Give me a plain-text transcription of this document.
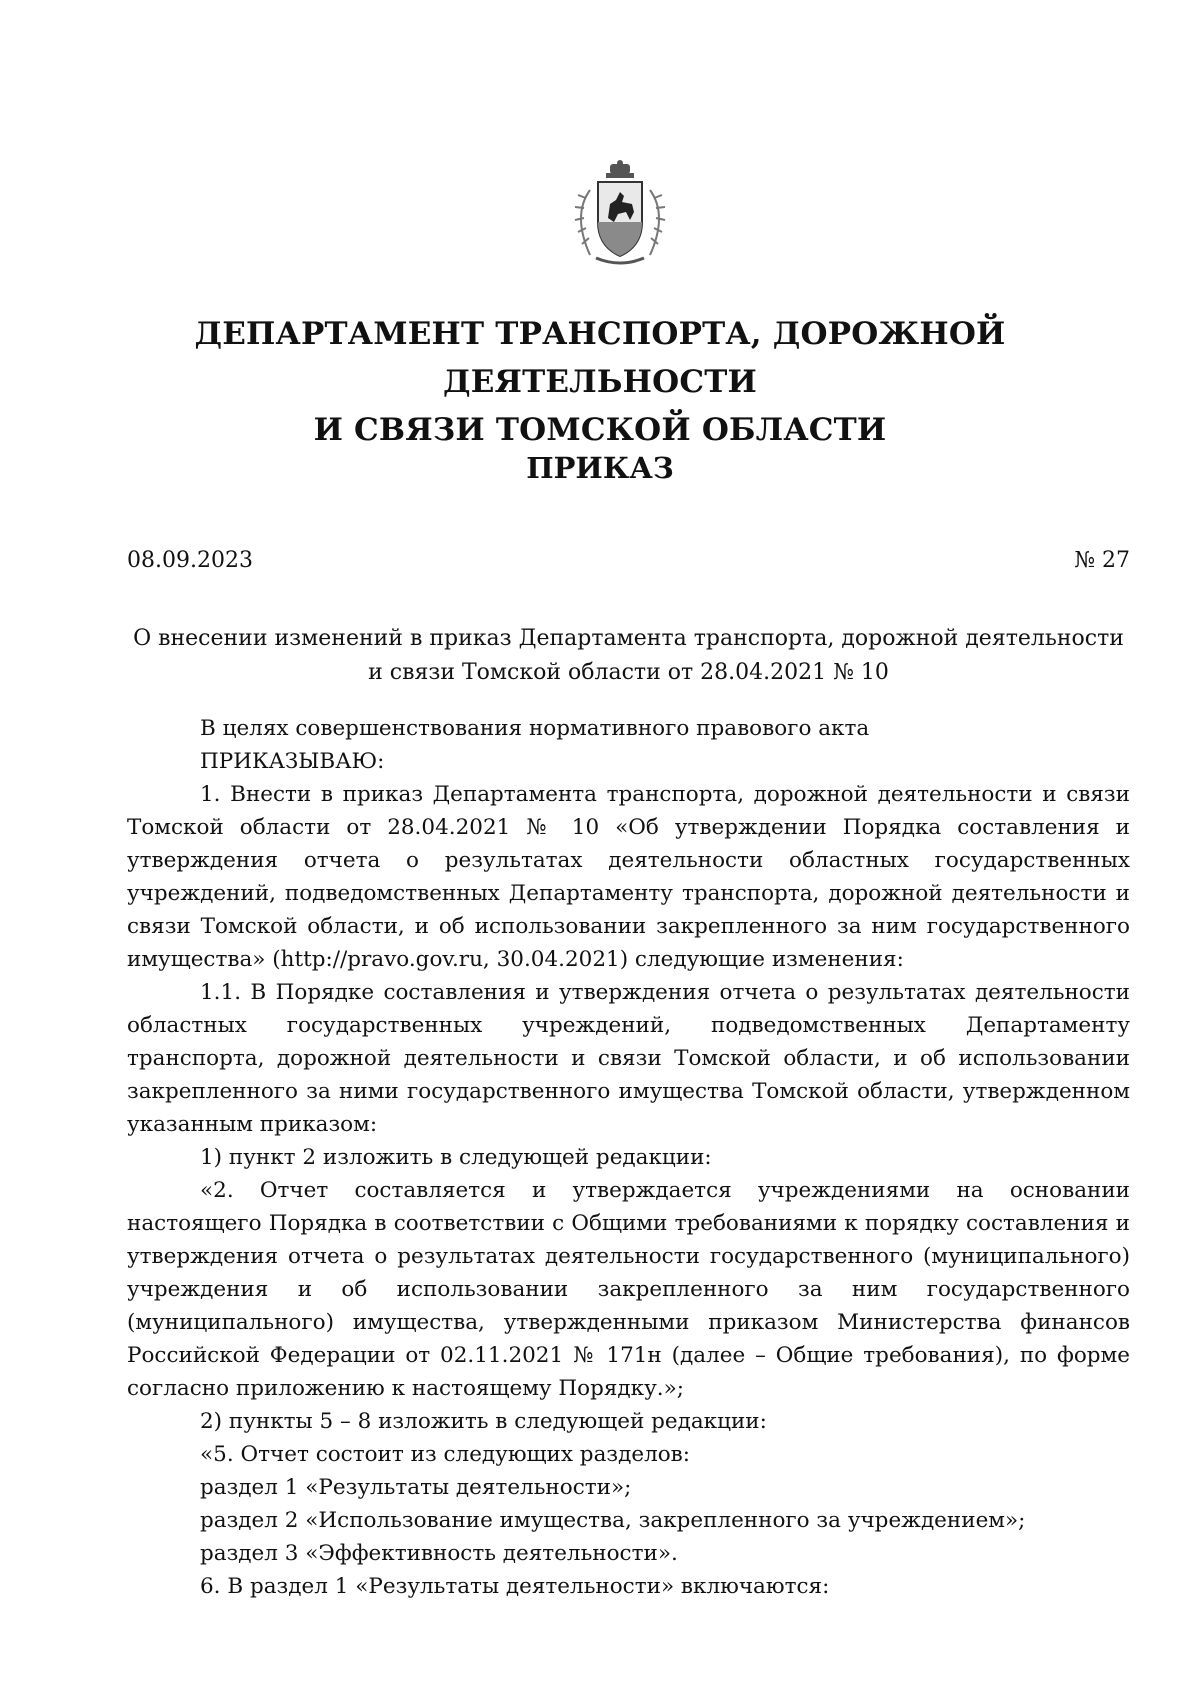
ДЕПАРТАМЕНТ ТРАНСПОРТА, ДОРОЖНОЙ ДЕЯТЕЛЬНОСТИ
И СВЯЗИ ТОМСКОЙ ОБЛАСТИ
ПРИКАЗ
08.09.2023	№ 27
О внесении изменений в приказ Департамента транспорта, дорожной деятельности
и связи Томской области от 28.04.2021 № 10

В целях совершенствования нормативного правового акта

ПРИКАЗЫВАЮ:

1. Внести в приказ Департамента транспорта, дорожной деятельности и связи Томской области от 28.04.2021 № 10 «Об утверждении Порядка составления и утверждения отчета о результатах деятельности областных государственных учреждений, подведомственных Департаменту транспорта, дорожной деятельности и связи Томской области, и об использовании закрепленного за ним государственного имущества» (http://pravo.gov.ru, 30.04.2021) следующие изменения:

1.1. В Порядке составления и утверждения отчета о результатах деятельности областных государственных учреждений, подведомственных Департаменту транспорта, дорожной деятельности и связи Томской области, и об использовании закрепленного за ними государственного имущества Томской области, утвержденном указанным приказом:

1) пункт 2 изложить в следующей редакции:

«2. Отчет составляется и утверждается учреждениями на основании настоящего Порядка в соответствии с Общими требованиями к порядку составления и утверждения отчета о результатах деятельности государственного (муниципального) учреждения и об использовании закрепленного за ним государственного (муниципального) имущества, утвержденными приказом Министерства финансов Российской Федерации от 02.11.2021 № 171н (далее – Общие требования), по форме согласно приложению к настоящему Порядку.»;

2) пункты 5 – 8 изложить в следующей редакции:

«5. Отчет состоит из следующих разделов:

раздел 1 «Результаты деятельности»;

раздел 2 «Использование имущества, закрепленного за учреждением»;

раздел 3 «Эффективность деятельности».

6. В раздел 1 «Результаты деятельности» включаются:
